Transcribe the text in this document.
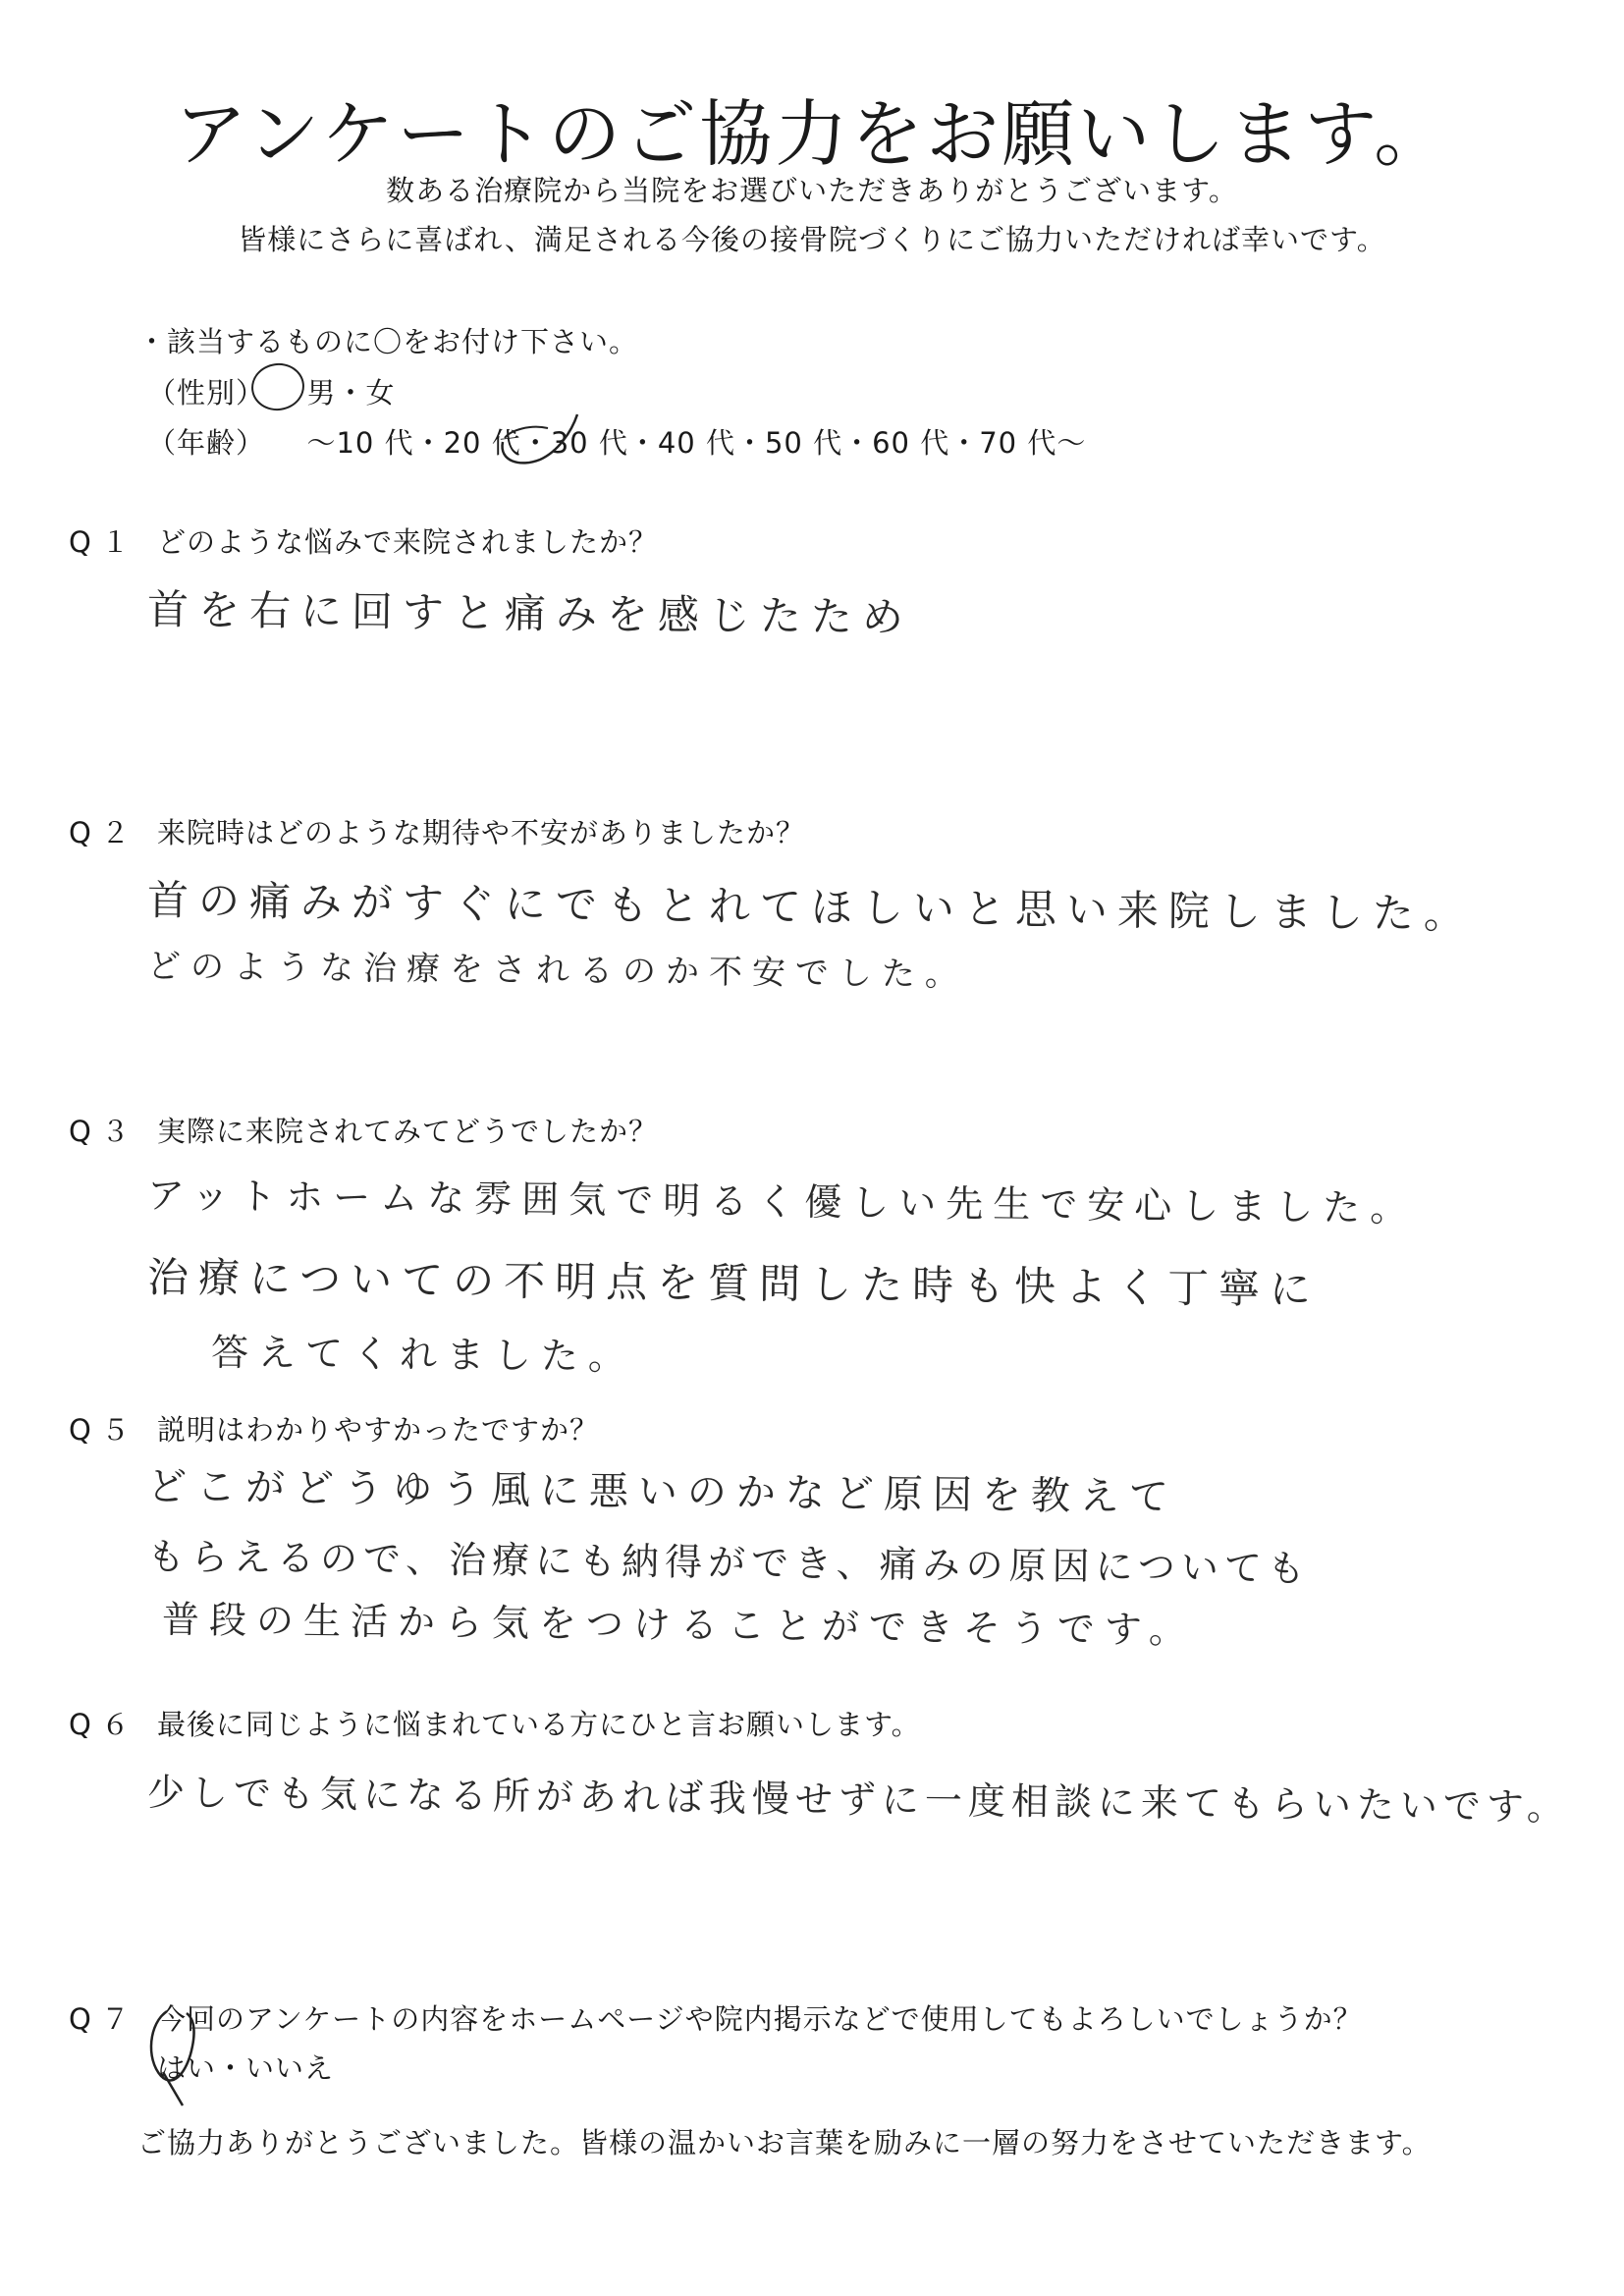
アンケートのご協力をお願いします。
数ある治療院から当院をお選びいただきありがとうございます。
皆様にさらに喜ばれ、満足される今後の接骨院づくりにご協力いただければ幸いです。
・該当するものに〇をお付け下さい。
（性別） 男・女
（年齢） 〜10 代・20 代・30 代・40 代・50 代・60 代・70 代〜
Q１ どのような悩みで来院されましたか？
首を右に回すと痛みを感じたため
Q２ 来院時はどのような期待や不安がありましたか？
首の痛みがすぐにでもとれてほしいと思い来院しました。
どのような治療をされるのか不安でした。
Q３ 実際に来院されてみてどうでしたか？
アットホームな雰囲気で明るく優しい先生で安心しました。
治療についての不明点を質問した時も快よく丁寧に
答えてくれました。
Q５ 説明はわかりやすかったですか？
どこがどうゆう風に悪いのかなど原因を教えて
もらえるので、治療にも納得ができ、痛みの原因についても
普段の生活から気をつけることができそうです。
Q６ 最後に同じように悩まれている方にひと言お願いします。
少しでも気になる所があれば我慢せずに一度相談に来てもらいたいです。
Q７ 今回のアンケートの内容をホームページや院内掲示などで使用してもよろしいでしょうか？
はい・いいえ
ご協力ありがとうございました。皆様の温かいお言葉を励みに一層の努力をさせていただきます。
